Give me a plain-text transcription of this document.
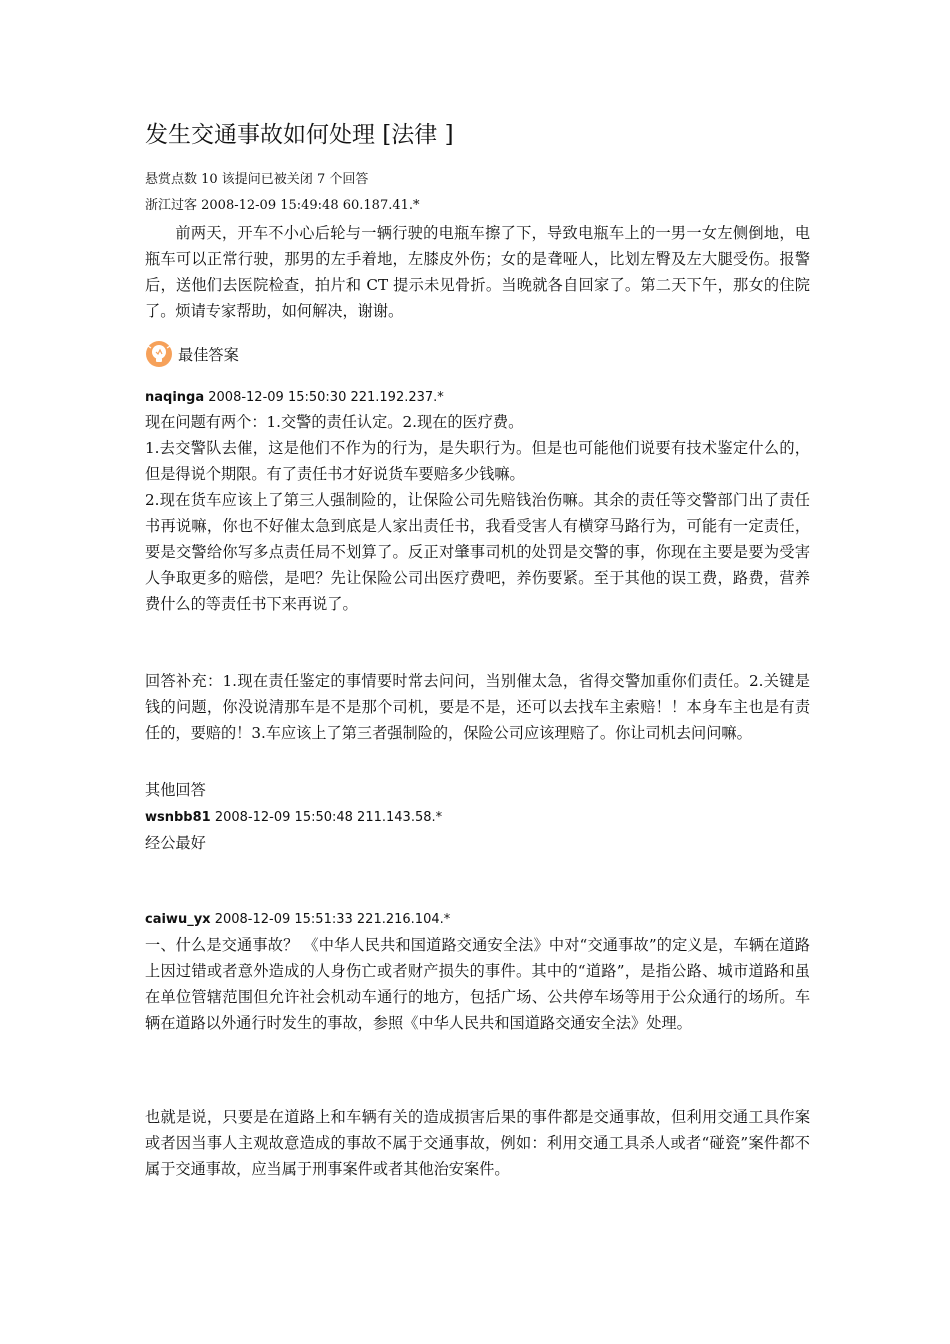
发生交通事故如何处理 [法律 ]
悬赏点数 10 该提问已被关闭 7 个回答
浙江过客 2008-12-09 15:49:48 60.187.41.*

前两天，开车不小心后轮与一辆行驶的电瓶车擦了下，导致电瓶车上的一男一女左侧倒地，电瓶车可以正常行驶，那男的左手着地，左膝皮外伤；女的是聋哑人，比划左臀及左大腿受伤。报警后，送他们去医院检查，拍片和 CT 提示未见骨折。当晚就各自回家了。第二天下午，那女的住院了。烦请专家帮助，如何解决，谢谢。

最佳答案
naqinga 2008-12-09 15:50:30 221.192.237.*

现在问题有两个：1.交警的责任认定。2.现在的医疗费。

1.去交警队去催，这是他们不作为的行为，是失职行为。但是也可能他们说要有技术鉴定什么的，但是得说个期限。有了责任书才好说货车要赔多少钱嘛。

2.现在货车应该上了第三人强制险的，让保险公司先赔钱治伤嘛。其余的责任等交警部门出了责任书再说嘛，你也不好催太急到底是人家出责任书，我看受害人有横穿马路行为，可能有一定责任，要是交警给你写多点责任局不划算了。反正对肇事司机的处罚是交警的事，你现在主要是要为受害人争取更多的赔偿，是吧？先让保险公司出医疗费吧，养伤要紧。至于其他的误工费，路费，营养费什么的等责任书下来再说了。

回答补充：1.现在责任鉴定的事情要时常去问问，当别催太急，省得交警加重你们责任。2.关键是钱的问题，你没说清那车是不是那个司机，要是不是，还可以去找车主索赔！！本身车主也是有责任的，要赔的！3.车应该上了第三者强制险的，保险公司应该理赔了。你让司机去问问嘛。

其他回答
wsnbb81 2008-12-09 15:50:48 211.143.58.*

经公最好

caiwu_yx 2008-12-09 15:51:33 221.216.104.*

一、什么是交通事故？ 《中华人民共和国道路交通安全法》中对“交通事故”的定义是，车辆在道路上因过错或者意外造成的人身伤亡或者财产损失的事件。其中的“道路”，是指公路、城市道路和虽在单位管辖范围但允许社会机动车通行的地方，包括广场、公共停车场等用于公众通行的场所。车辆在道路以外通行时发生的事故，参照《中华人民共和国道路交通安全法》处理。

也就是说，只要是在道路上和车辆有关的造成损害后果的事件都是交通事故，但利用交通工具作案或者因当事人主观故意造成的事故不属于交通事故，例如：利用交通工具杀人或者“碰瓷”案件都不属于交通事故，应当属于刑事案件或者其他治安案件。
